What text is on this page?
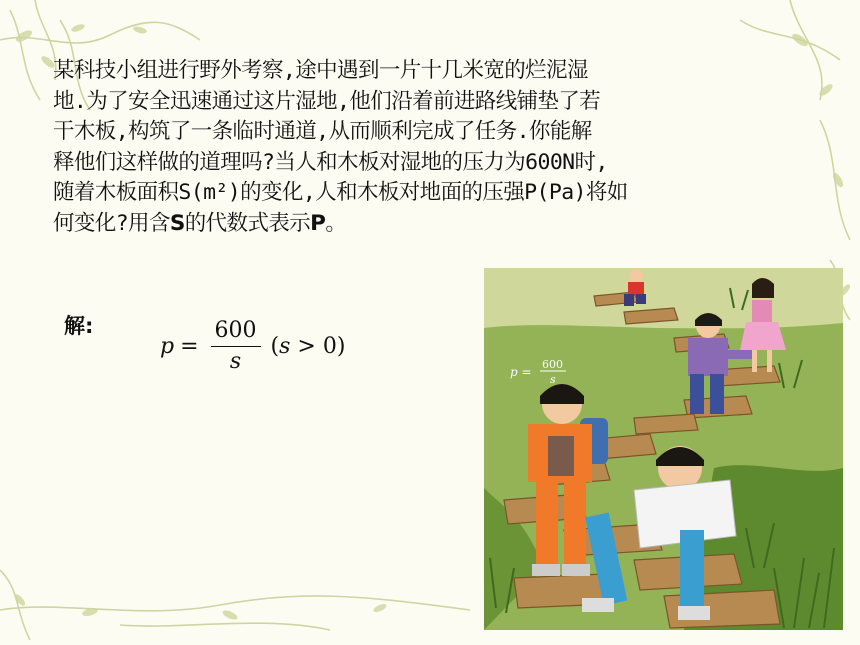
某科技小组进行野外考察,途中遇到一片十几米宽的烂泥湿
地.为了安全迅速通过这片湿地,他们沿着前进路线铺垫了若
干木板,构筑了一条临时通道,从而顺利完成了任务.你能解
释他们这样做的道理吗?当人和木板对湿地的压力为600N时,
随着木板面积S(m²)的变化,人和木板对地面的压强P(Pa)将如
何变化?用含S的代数式表示P。
解:
$p = \frac{600}{s} (s > 0)$
p =
600
s
